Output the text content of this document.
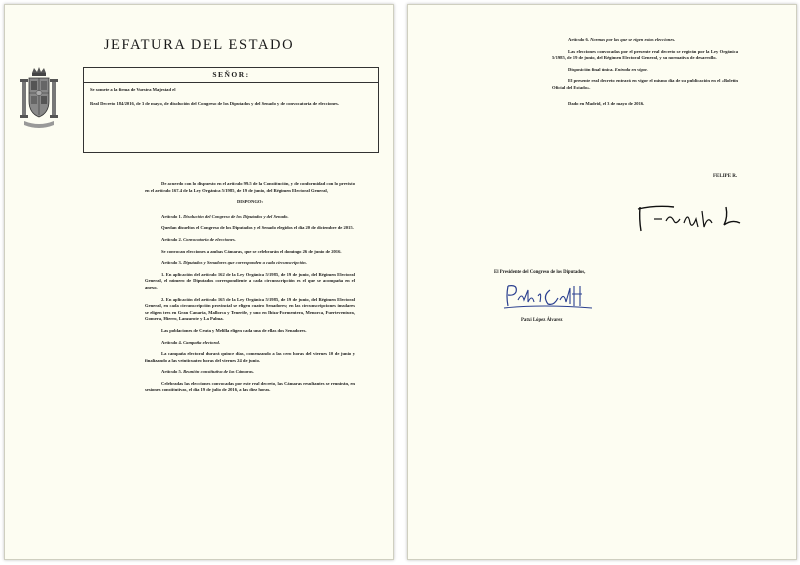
JEFATURA DEL ESTADO
SEÑOR:

Se somete a la firma de Vuestra Majestad el

Real Decreto 184/2016, de 3 de mayo, de disolución del Congreso de los Diputados y del Senado y de convocatoria de elecciones.

De acuerdo con lo dispuesto en el artículo 99.5 de la Constitución, y de conformidad con lo previsto en el artículo 167.4 de la Ley Orgánica 5/1985, de 19 de junio, del Régimen Electoral General,

DISPONGO:

Artículo 1. Disolución del Congreso de los Diputados y del Senado.

Quedan disueltos el Congreso de los Diputados y el Senado elegidos el día 20 de diciembre de 2015.

Artículo 2. Convocatoria de elecciones.

Se convocan elecciones a ambas Cámaras, que se celebrarán el domingo 26 de junio de 2016.

Artículo 3. Diputados y Senadores que corresponden a cada circunscripción.

1. En aplicación del artículo 162 de la Ley Orgánica 5/1985, de 19 de junio, del Régimen Electoral General, el número de Diputados correspondiente a cada circunscripción es el que se acompaña en el anexo.

2. En aplicación del artículo 165 de la Ley Orgánica 5/1985, de 19 de junio, del Régimen Electoral General, en cada circunscripción provincial se eligen cuatro Senadores; en las circunscripciones insulares se eligen tres en Gran Canaria, Mallorca y Tenerife, y uno en Ibiza-Formentera, Menorca, Fuerteventura, Gomera, Hierro, Lanzarote y La Palma.

Las poblaciones de Ceuta y Melilla eligen cada una de ellas dos Senadores.

Artículo 4. Campaña electoral.

La campaña electoral durará quince días, comenzando a las cero horas del viernes 10 de junio y finalizando a las veinticuatro horas del viernes 24 de junio.

Artículo 5. Reunión constitutiva de las Cámaras.

Celebradas las elecciones convocadas por este real decreto, las Cámaras resultantes se reunirán, en sesiones constitutivas, el día 19 de julio de 2016, a las diez horas.

Artículo 6. Normas por las que se rigen estas elecciones.

Las elecciones convocadas por el presente real decreto se regirán por la Ley Orgánica 5/1985, de 19 de junio, del Régimen Electoral General, y su normativa de desarrollo.

Disposición final única. Entrada en vigor.

El presente real decreto entrará en vigor el mismo día de su publicación en el «Boletín Oficial del Estado».

Dado en Madrid, el 3 de mayo de 2016.

FELIPE R.
El Presidente del Congreso de los Diputados,
Patxi López Álvarez
